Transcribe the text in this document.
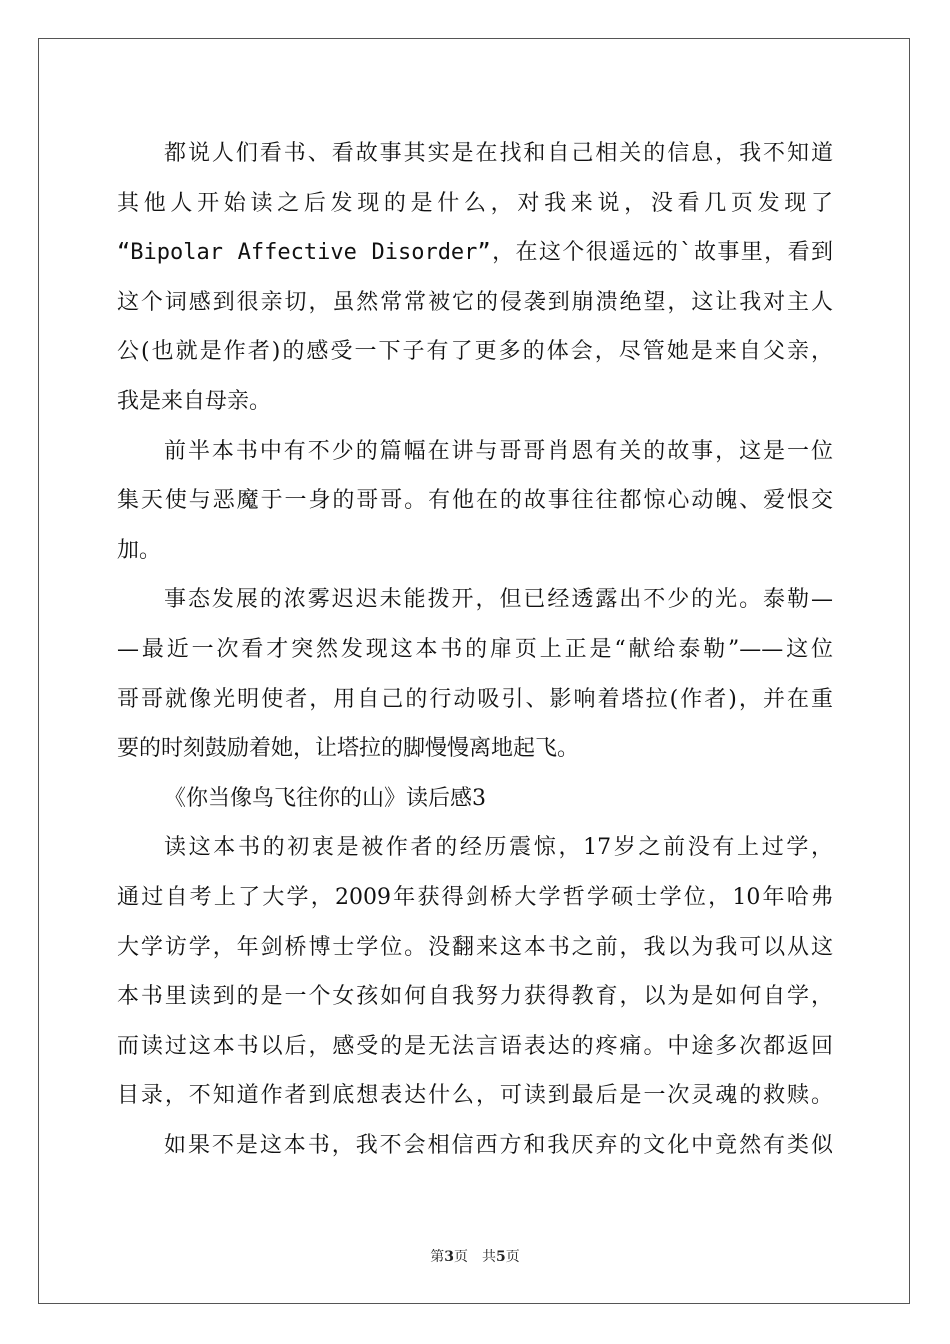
都说人们看书、看故事其实是在找和自己相关的信息，我不知道
其他人开始读之后发现的是什么，对我来说，没看几页发现了
“Bipolar Affective Disorder”，在这个很遥远的`故事里，看到
这个词感到很亲切，虽然常常被它的侵袭到崩溃绝望，这让我对主人
公(也就是作者)的感受一下子有了更多的体会，尽管她是来自父亲，
我是来自母亲。
前半本书中有不少的篇幅在讲与哥哥肖恩有关的故事，这是一位
集天使与恶魔于一身的哥哥。有他在的故事往往都惊心动魄、爱恨交
加。
事态发展的浓雾迟迟未能拨开，但已经透露出不少的光。泰勒—
—最近一次看才突然发现这本书的扉页上正是“献给泰勒”——这位
哥哥就像光明使者，用自己的行动吸引、影响着塔拉(作者)，并在重
要的时刻鼓励着她，让塔拉的脚慢慢离地起飞。
《你当像鸟飞往你的山》读后感3
读这本书的初衷是被作者的经历震惊，17岁之前没有上过学，
通过自考上了大学，2009年获得剑桥大学哲学硕士学位，10年哈弗
大学访学，年剑桥博士学位。没翻来这本书之前，我以为我可以从这
本书里读到的是一个女孩如何自我努力获得教育，以为是如何自学，
而读过这本书以后，感受的是无法言语表达的疼痛。中途多次都返回
目录，不知道作者到底想表达什么，可读到最后是一次灵魂的救赎。
如果不是这本书，我不会相信西方和我厌弃的文化中竟然有类似
第3页　共5页
